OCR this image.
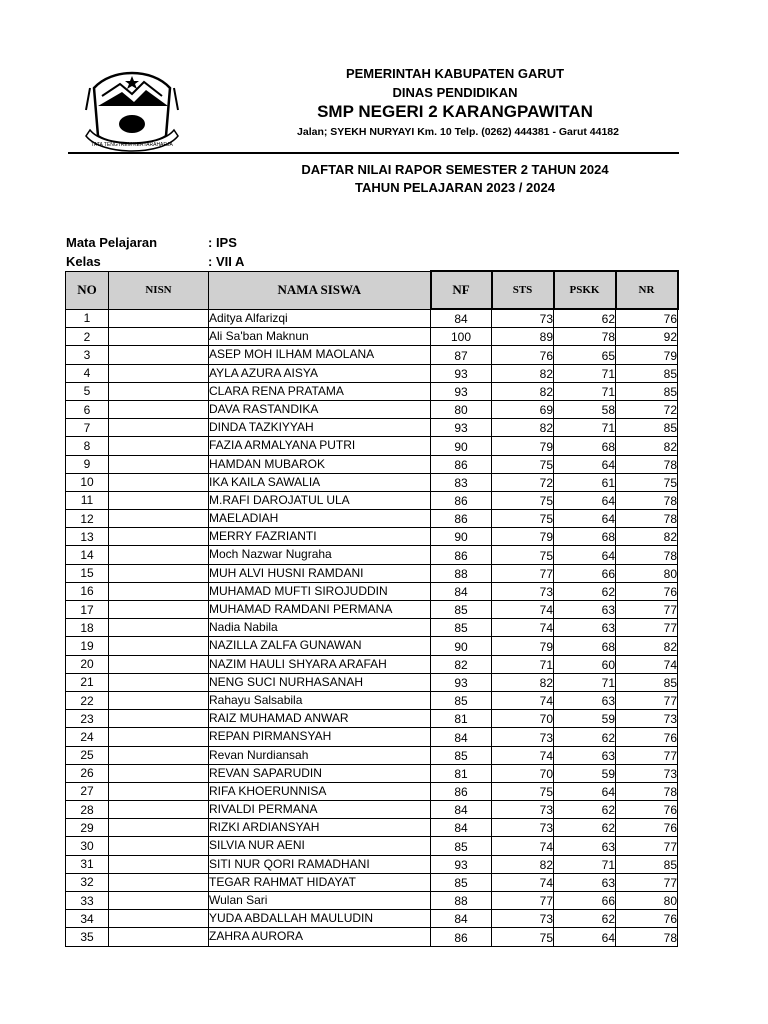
TATA TENGTREM KERTARAHARJA
PEMERINTAH KABUPATEN GARUT
DINAS PENDIDIKAN
SMP NEGERI 2 KARANGPAWITAN
Jalan; SYEKH NURYAYI Km. 10 Telp. (0262) 444381 - Garut 44182
DAFTAR NILAI RAPOR SEMESTER 2 TAHUN 2024
TAHUN PELAJARAN 2023 / 2024
Mata Pelajaran	: IPS
Kelas	: VII A
NO	NISN	NAMA SISWA	NF	STS	PSKK	NR
1		Aditya Alfarizqi	84	73	62	76
2		Ali Sa'ban Maknun	100	89	78	92
3		ASEP MOH ILHAM MAOLANA	87	76	65	79
4		AYLA AZURA AISYA	93	82	71	85
5		CLARA RENA PRATAMA	93	82	71	85
6		DAVA RASTANDIKA	80	69	58	72
7		DINDA TAZKIYYAH	93	82	71	85
8		FAZIA ARMALYANA PUTRI	90	79	68	82
9		HAMDAN MUBAROK	86	75	64	78
10		IKA KAILA SAWALIA	83	72	61	75
11		M.RAFI DAROJATUL ULA	86	75	64	78
12		MAELADIAH	86	75	64	78
13		MERRY FAZRIANTI	90	79	68	82
14		Moch Nazwar Nugraha	86	75	64	78
15		MUH ALVI HUSNI RAMDANI	88	77	66	80
16		MUHAMAD MUFTI SIROJUDDIN	84	73	62	76
17		MUHAMAD RAMDANI PERMANA	85	74	63	77
18		Nadia Nabila	85	74	63	77
19		NAZILLA ZALFA GUNAWAN	90	79	68	82
20		NAZIM HAULI SHYARA ARAFAH	82	71	60	74
21		NENG SUCI NURHASANAH	93	82	71	85
22		Rahayu Salsabila	85	74	63	77
23		RAIZ MUHAMAD ANWAR	81	70	59	73
24		REPAN PIRMANSYAH	84	73	62	76
25		Revan Nurdiansah	85	74	63	77
26		REVAN SAPARUDIN	81	70	59	73
27		RIFA KHOERUNNISA	86	75	64	78
28		RIVALDI PERMANA	84	73	62	76
29		RIZKI ARDIANSYAH	84	73	62	76
30		SILVIA NUR AENI	85	74	63	77
31		SITI NUR QORI RAMADHANI	93	82	71	85
32		TEGAR RAHMAT HIDAYAT	85	74	63	77
33		Wulan Sari	88	77	66	80
34		YUDA ABDALLAH MAULUDIN	84	73	62	76
35		ZAHRA AURORA	86	75	64	78
